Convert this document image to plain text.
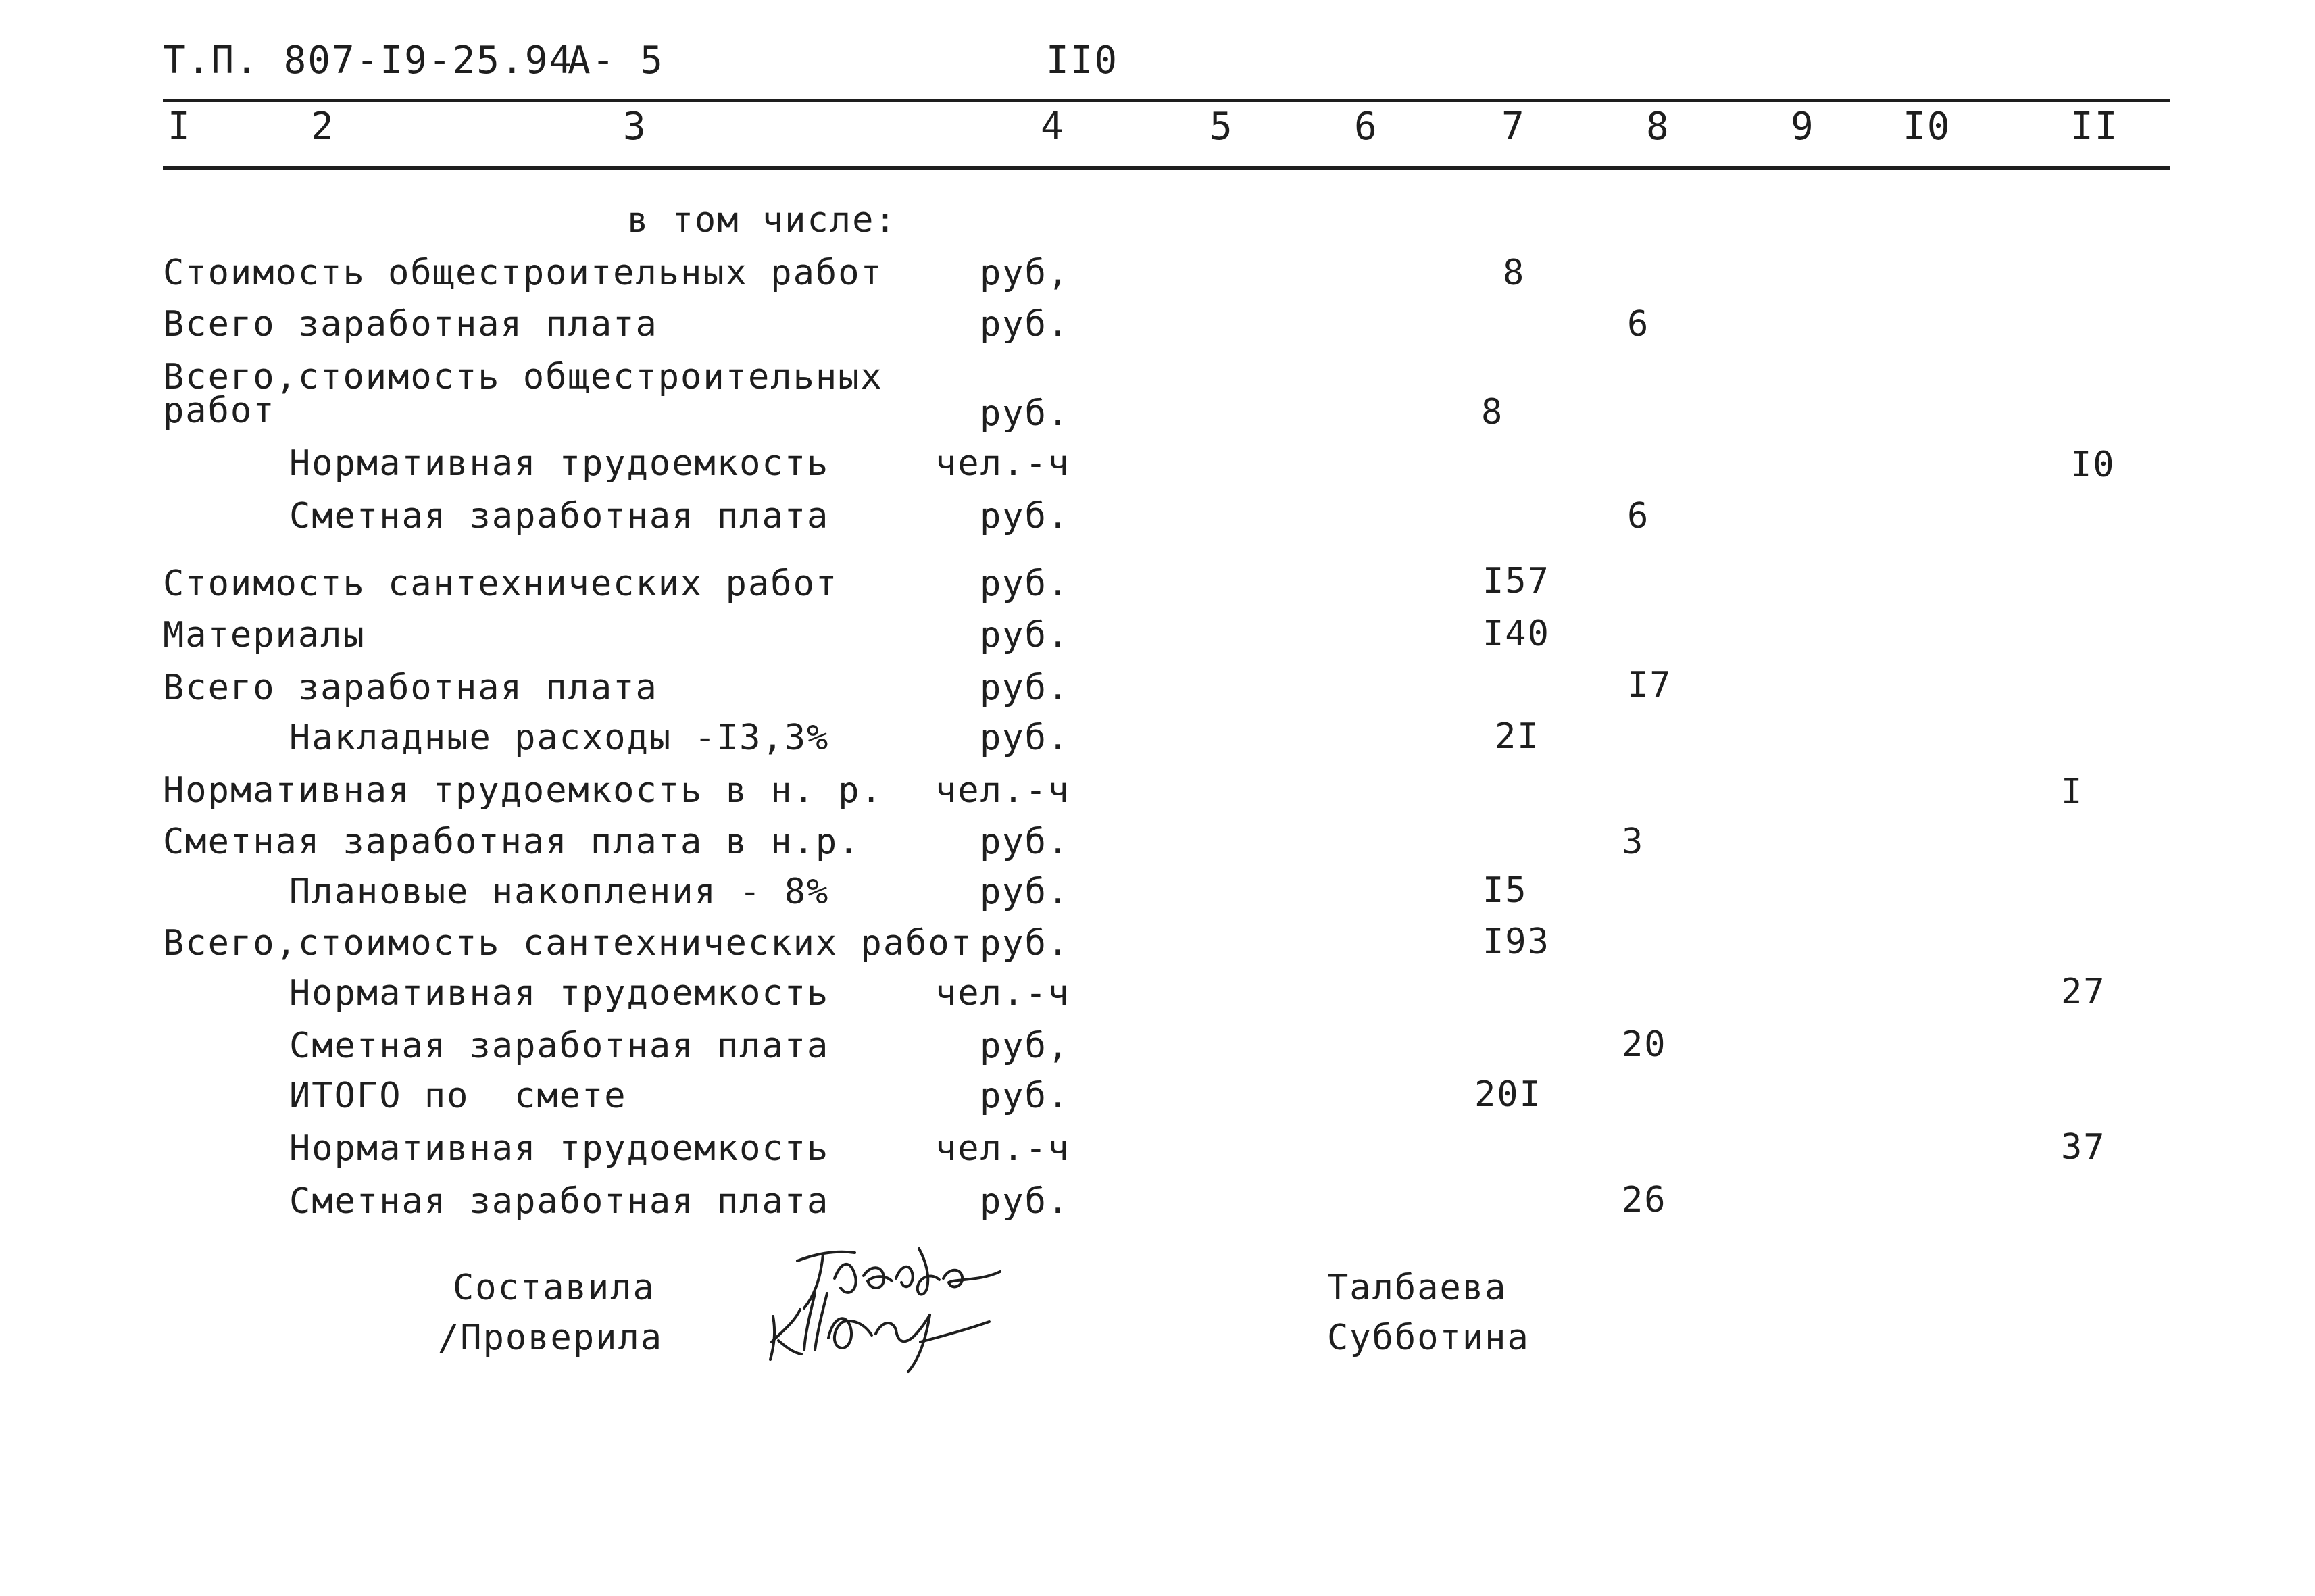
Т.П. 807-I9-25.94
А- 5	II0
I	2	3	4	5	6	7	8	9 I0	II
в том числе:
Стоимость общестроительных работ	руб,	8
Всего заработная плата	руб.	6
Всего,стоимость общестроительных
работ	руб.	8
Нормативная трудоемкость	чел.-ч	I0
Сметная заработная плата	руб.	6
Стоимость сантехнических работ	руб.	I57
Материалы	руб.	I40
Всего заработная плата	руб.	I7
Накладные расходы -I3,3%	руб.	2I
Нормативная трудоемкость в н. р. чел.-ч	I
Сметная заработная плата в н.р.	руб.	3
Плановые накопления - 8%	руб.	I5
Всего,стоимость сантехнических работ руб.	I93
Нормативная трудоемкость	чел.-ч	27
Сметная заработная плата	руб,	20
ИТОГО по  смете	руб.	20I
Нормативная трудоемкость	чел.-ч	37
Сметная заработная плата	руб.	26
Составила
/Проверила
Талбаева
Субботина
